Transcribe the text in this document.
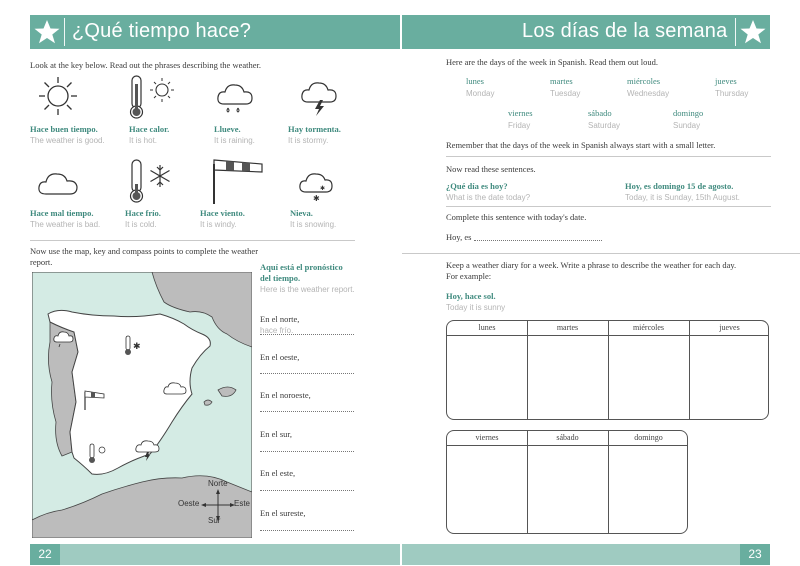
¿Qué tiempo hace?	Los días de la semana
Look at the key below. Read out the phrases describing the weather.
Hace buen tiempo.
The weather is good.
Hace calor.
It is hot.
Llueve.
It is raining.
Hay tormenta.
It is stormy.
✱
✱
Hace mal tiempo.
The weather is bad.
Hace frío.
It is cold.
Hace viento.
It is windy.
Nieva.
It is snowing.
Now use the map, key and compass points to complete the weather report.
✱
Norte
Sur
Oeste	Este
Aquí está el pronóstico del tiempo.
Here is the weather report.
En el norte,
hace frío.
En el oeste,
En el noroeste,
En el sur,
En el este,
En el sureste,
Here are the days of the week in Spanish. Read them out loud.
lunes
Monday
martes
Tuesday
miércoles
Wednesday
jueves
Thursday
viernes
Friday
sábado
Saturday
domingo
Sunday
Remember that the days of the week in Spanish always start with a small letter.
Now read these sentences.
¿Qué día es hoy?
What is the date today?
Hoy, es domingo 15 de agosto.
Today, it is Sunday, 15th August.
Complete this sentence with today's date.
Hoy, es
Keep a weather diary for a week. Write a phrase to describe the weather for each day. For example:
Hoy, hace sol.
Today it is sunny
lunes	martes	miércoles	jueves
viernes	sábado	domingo
22	23
